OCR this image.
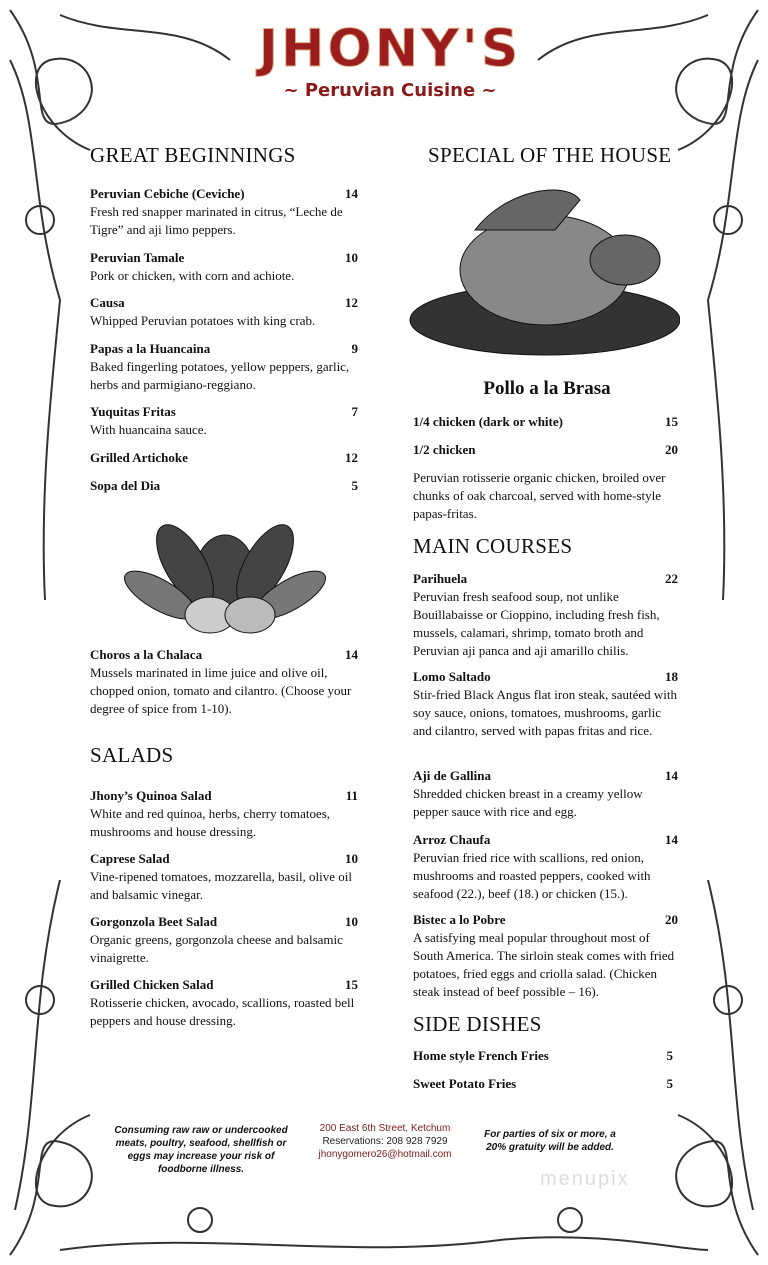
JHONY'S
~ Peruvian Cuisine ~
GREAT BEGINNINGS
Peruvian Cebiche (Ceviche)	14
Fresh red snapper marinated in citrus, “Leche de Tigre” and aji limo peppers.
Peruvian Tamale	10
Pork or chicken, with corn and achiote.
Causa	12
Whipped Peruvian potatoes with king crab.
Papas a la Huancaina	9
Baked fingerling potatoes, yellow peppers, garlic, herbs and parmigiano-reggiano.
Yuquitas Fritas	7
With huancaina sauce.
Grilled Artichoke	12
Sopa del Dia	5
Choros a la Chalaca	14
Mussels marinated in lime juice and olive oil, chopped onion, tomato and cilantro. (Choose your degree of spice from 1-10).
SALADS
Jhony’s Quinoa Salad	11
White and red quinoa, herbs, cherry tomatoes, mushrooms and house dressing.
Caprese Salad	10
Vine-ripened tomatoes, mozzarella, basil, olive oil and balsamic vinegar.
Gorgonzola Beet Salad	10
Organic greens, gorgonzola cheese and balsamic vinaigrette.
Grilled Chicken Salad	15
Rotisserie chicken, avocado, scallions, roasted bell peppers and house dressing.
SPECIAL OF THE HOUSE
Pollo a la Brasa
1/4 chicken (dark or white)	15
1/2 chicken	20
Peruvian rotisserie organic chicken, broiled over chunks of oak charcoal, served with home-style papas-fritas.
MAIN COURSES
Parihuela	22
Peruvian fresh seafood soup, not unlike Bouillabaisse or Cioppino, including fresh fish, mussels, calamari, shrimp, tomato broth and Peruvian aji panca and aji amarillo chilis.
Lomo Saltado	18
Stir-fried Black Angus flat iron steak, sautéed with soy sauce, onions, tomatoes, mushrooms, garlic and cilantro, served with papas fritas and rice.
Aji de Gallina	14
Shredded chicken breast in a creamy yellow pepper sauce with rice and egg.
Arroz Chaufa	14
Peruvian fried rice with scallions, red onion, mushrooms and roasted peppers, cooked with seafood (22.), beef (18.) or chicken (15.).
Bistec a lo Pobre	20
A satisfying meal popular throughout most of South America. The sirloin steak comes with fried potatoes, fried eggs and criolla salad. (Chicken steak instead of beef possible – 16).
SIDE DISHES
Home style French Fries	5
Sweet Potato Fries	5
Consuming raw raw or undercooked meats, poultry, seafood, shellfish or eggs may increase your risk of foodborne illness.
200 East 6th Street, Ketchum
Reservations: 208 928 7929
jhonygomero26@hotmail.com
For parties of six or more, a 20% gratuity will be added.
menupix
